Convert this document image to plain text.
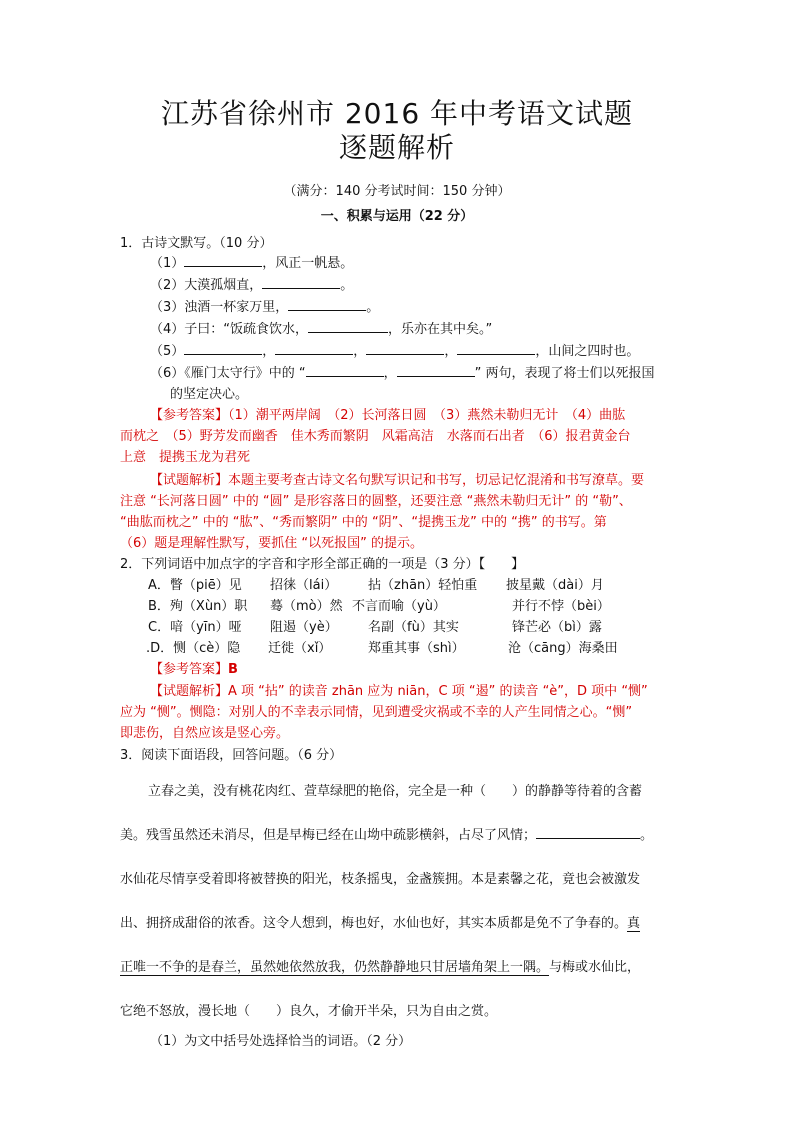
江苏省徐州市 2016 年中考语文试题
逐题解析
（满分：140 分考试时间：150 分钟）
一、积累与运用（22 分）
1．古诗文默写。（10 分）
（1）	，风正一帆悬。
（2）大漠孤烟直，	。
（3）浊酒一杯家万里，	。
（4）子曰：“饭疏食饮水，	，乐亦在其中矣。”
（5）	，	，	，	，山间之四时也。
（6）《雁门太守行》中的 “	，	” 两句，表现了将士们以死报国
的坚定决心。
【参考答案】（1）潮平两岸阔　（2）长河落日圆　（3）燕然未勒归无计　（4）曲肱
而枕之　（5）野芳发而幽香　佳木秀而繁阴　风霜高洁　水落而石出者　（6）报君黄金台
上意　提携玉龙为君死
【试题解析】本题主要考查古诗文名句默写识记和书写，切忌记忆混淆和书写潦草。要
注意 “长河落日圆” 中的 “圆” 是形容落日的圆整，还要注意 “燕然未勒归无计” 的 “勒”、
“曲肱而枕之” 中的 “肱”、“秀而繁阴” 中的 “阴”、“提携玉龙” 中的 “携” 的书写。第
（6）题是理解性默写，要抓住 “以死报国” 的提示。
2．下列词语中加点字的字音和字形全部正确的一项是（3 分）【　　】
A．瞥（piē）见 招徕（lái） 拈（zhān）轻怕重 披星戴（dài）月
B．殉（Xùn）职 蓦（mò）然 不言而喻（yù）	并行不悖（bèi）
C．喑（yīn）哑 阻遏（yè） 名副（fù）其实	锋芒必（bì）露
.D．恻（cè）隐 迁徙（xǐ）	郑重其事（shì）	沧（cāng）海桑田
【参考答案】B
【试题解析】A 项 “拈” 的读音 zhān 应为 niān，C 项 “遏” 的读音 “è”，D 项中 “恻”
应为 “恻”。恻隐：对别人的不幸表示同情，见到遭受灾祸或不幸的人产生同情之心。“恻”
即悲伤，自然应该是竖心旁。
3．阅读下面语段，回答问题。（6 分）
立春之美，没有桃花肉红、萱草绿肥的艳俗，完全是一种（　　）的静静等待着的含蓄
美。残雪虽然还未消尽，但是早梅已经在山坳中疏影横斜，占尽了风情；	。
水仙花尽情享受着即将被替换的阳光，枝条摇曳，金盏簇拥。本是素馨之花，竟也会被激发
出、拥挤成甜俗的浓香。这令人想到，梅也好，水仙也好，其实本质都是免不了争春的。真
正唯一不争的是春兰，虽然她依然放我，仍然静静地只甘居墙角架上一隅。与梅或水仙比，
它绝不怒放，漫长地（　　）良久，才偷开半朵，只为自由之赏。
（1）为文中括号处选择恰当的词语。（2 分）
